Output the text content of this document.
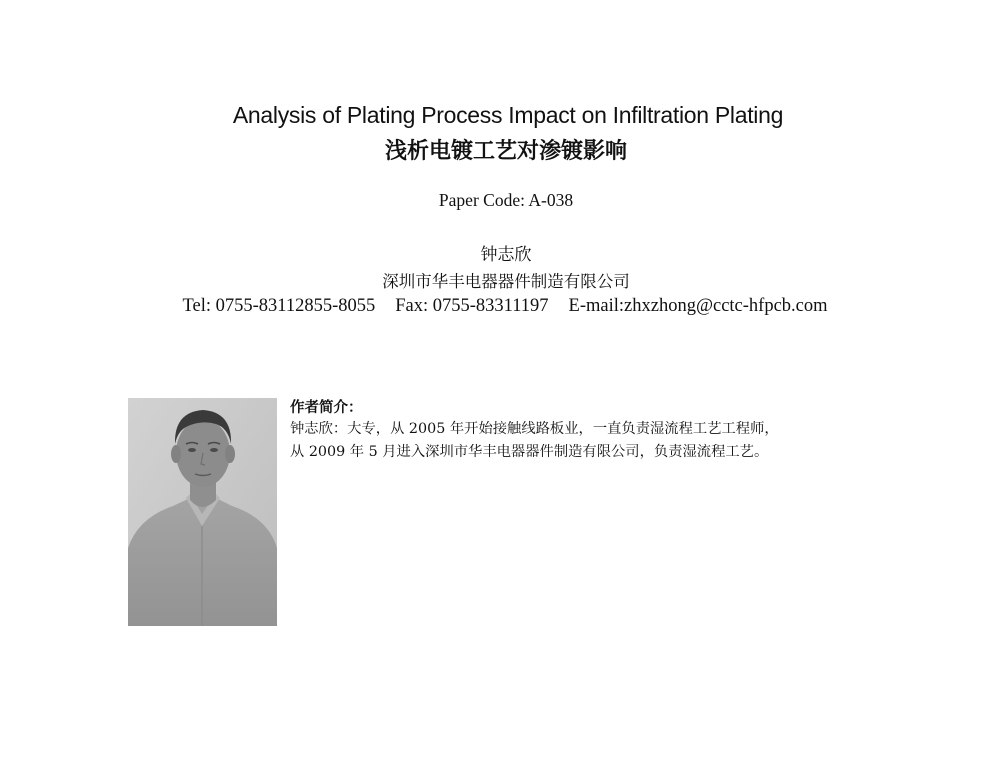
Analysis of Plating Process Impact on Infiltration Plating
浅析电镀工艺对渗镀影响
Paper Code: A-038
钟志欣
深圳市华丰电器器件制造有限公司
Tel: 0755-83112855-8055 Fax: 0755-83311197 E-mail:zhxzhong@cctc-hfpcb.com

作者简介：

钟志欣：大专，从 2005 年开始接触线路板业，一直负责湿流程工艺工程师，

从 2009 年 5 月进入深圳市华丰电器器件制造有限公司，负责湿流程工艺。
